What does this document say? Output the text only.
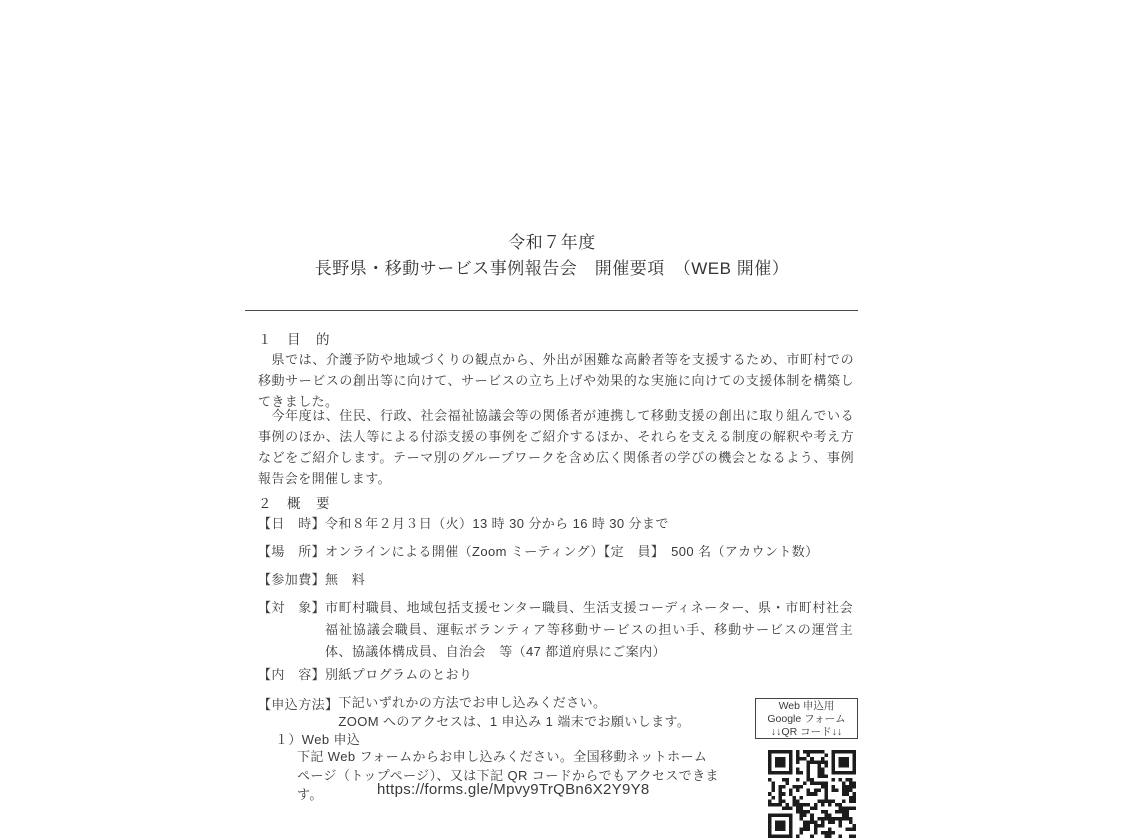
令和７年度
長野県・移動サービス事例報告会　開催要項　（WEB 開催）
１　目　的

　県では、介護予防や地域づくりの観点から、外出が困難な高齢者等を支援するため、市町村での移動サービスの創出等に向けて、サービスの立ち上げや効果的な実施に向けての支援体制を構築してきました。

　今年度は、住民、行政、社会福祉協議会等の関係者が連携して移動支援の創出に取り組んでいる事例のほか、法人等による付添支援の事例をご紹介するほか、それらを支える制度の解釈や考え方などをご紹介します。テーマ別のグループワークを含め広く関係者の学びの機会となるよう、事例報告会を開催します。

２　概　要
【日　時】令和８年２月３日（火）13 時 30 分から 16 時 30 分まで
【場　所】オンラインによる開催（Zoom ミーティング）【定　員】　500 名（アカウント数）
【参加費】無　料
【対　象】 市町村職員、地域包括支援センター職員、生活支援コーディネーター、県・市町村社会福祉協議会職員、運転ボランティア等移動サービスの担い手、移動サービスの運営主体、協議体構成員、自治会　等（47 都道府県にご案内）
【内　容】別紙プログラムのとおり
【申込方法】 下記いずれかの方法でお申し込みください。
ZOOM へのアクセスは、1 申込み 1 端末でお願いします。
１）Web 申込
下記 Web フォームからお申し込みください。全国移動ネットホーム
ページ（トップページ）、又は下記 QR コードからでもアクセスできます。	https://forms.gle/Mpvy9TrQBn6X2Y9Y8
Web 申込用
Google フォーム
↓↓QR コード↓↓
